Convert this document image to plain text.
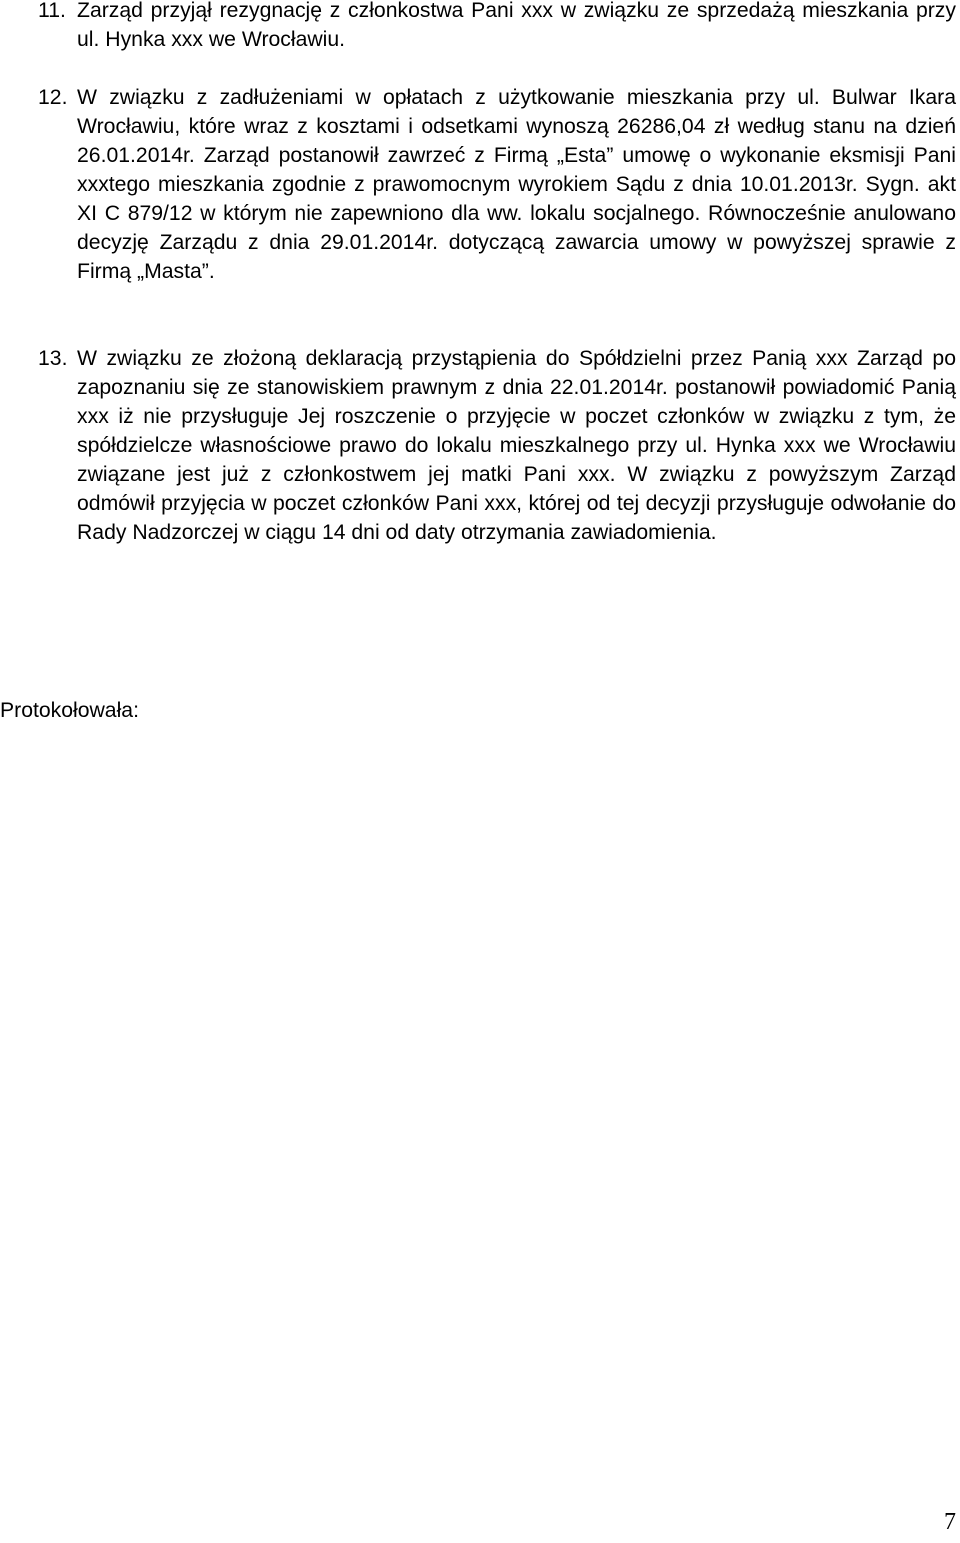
11. Zarząd przyjął rezygnację z członkostwa Pani xxx w związku ze sprzedażą mieszkania przy ul. Hynka xxx we Wrocławiu.
12. W związku z zadłużeniami w opłatach z użytkowanie mieszkania przy ul. Bulwar Ikara Wrocławiu, które wraz z kosztami i odsetkami wynoszą 26286,04 zł według stanu na dzień 26.01.2014r. Zarząd postanowił zawrzeć z Firmą „Esta” umowę o wykonanie eksmisji Pani xxxtego mieszkania zgodnie z prawomocnym wyrokiem Sądu z dnia 10.01.2013r. Sygn. akt XI C 879/12 w którym nie zapewniono dla ww. lokalu socjalnego. Równocześnie anulowano decyzję Zarządu z dnia 29.01.2014r. dotyczącą zawarcia umowy w powyższej sprawie z Firmą „Masta”.
13. W związku ze złożoną deklaracją przystąpienia do Spółdzielni przez Panią xxx Zarząd po zapoznaniu się ze stanowiskiem prawnym z dnia 22.01.2014r. postanowił powiadomić Panią xxx iż nie przysługuje Jej roszczenie o przyjęcie w poczet członków w związku z tym, że spółdzielcze własnościowe prawo do lokalu mieszkalnego przy ul. Hynka xxx we Wrocławiu związane jest już z członkostwem jej matki Pani xxx. W związku z powyższym Zarząd odmówił przyjęcia w poczet członków Pani xxx, której od tej decyzji przysługuje odwołanie do Rady Nadzorczej w ciągu 14 dni od daty otrzymania zawiadomienia.
Protokołowała:
7
